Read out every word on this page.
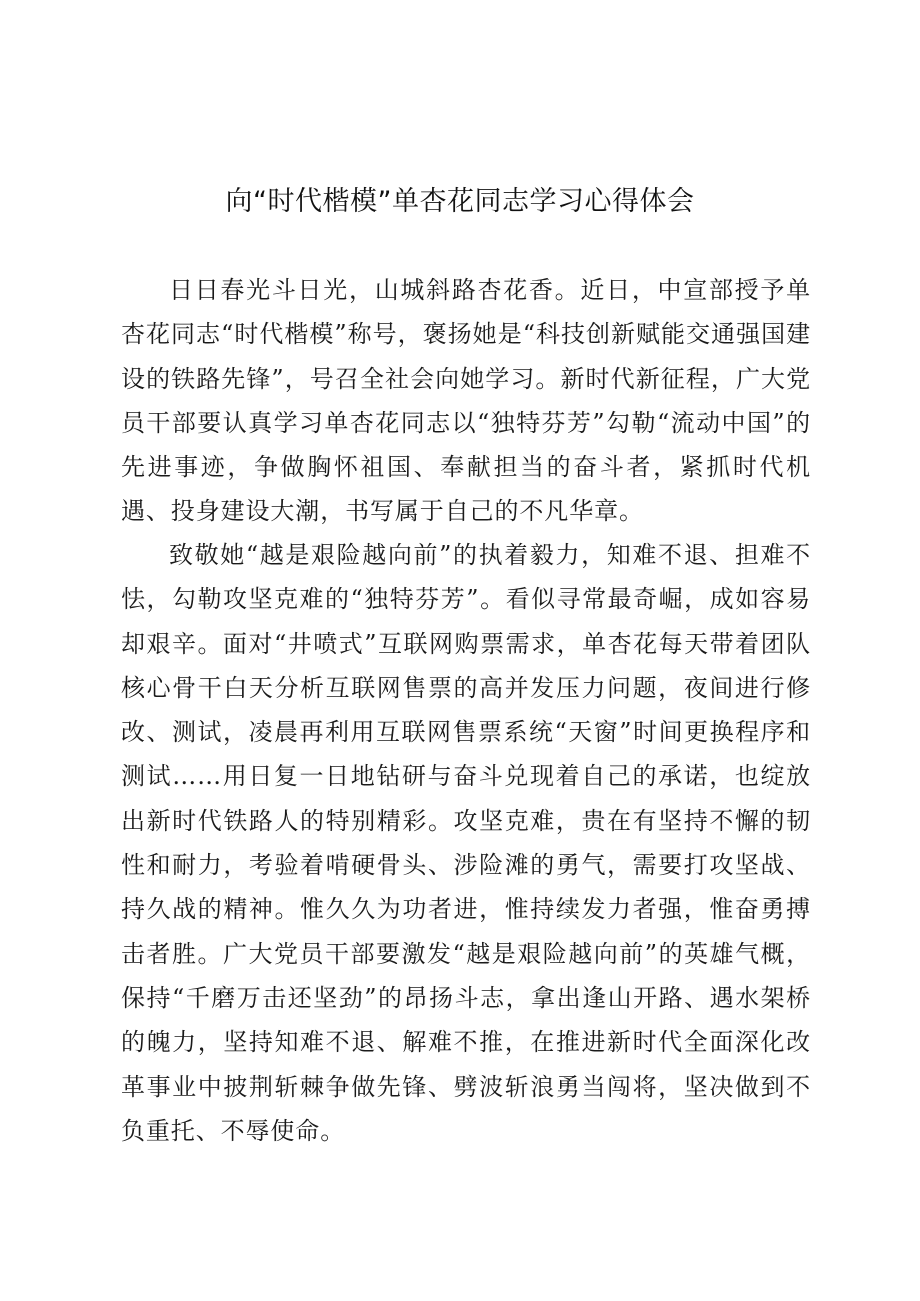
向“时代楷模”单杏花同志学习心得体会

日日春光斗日光，山城斜路杏花香。近日，中宣部授予单杏花同志“时代楷模”称号，褒扬她是“科技创新赋能交通强国建设的铁路先锋”，号召全社会向她学习。新时代新征程，广大党员干部要认真学习单杏花同志以“独特芬芳”勾勒“流动中国”的先进事迹，争做胸怀祖国、奉献担当的奋斗者，紧抓时代机遇、投身建设大潮，书写属于自己的不凡华章。

致敬她“越是艰险越向前”的执着毅力，知难不退、担难不怯，勾勒攻坚克难的“独特芬芳”。看似寻常最奇崛，成如容易却艰辛。面对“井喷式”互联网购票需求，单杏花每天带着团队核心骨干白天分析互联网售票的高并发压力问题，夜间进行修改、测试，凌晨再利用互联网售票系统“天窗”时间更换程序和测试……用日复一日地钻研与奋斗兑现着自己的承诺，也绽放出新时代铁路人的特别精彩。攻坚克难，贵在有坚持不懈的韧性和耐力，考验着啃硬骨头、涉险滩的勇气，需要打攻坚战、持久战的精神。惟久久为功者进，惟持续发力者强，惟奋勇搏击者胜。广大党员干部要激发“越是艰险越向前”的英雄气概，保持“千磨万击还坚劲”的昂扬斗志，拿出逢山开路、遇水架桥的魄力，坚持知难不退、解难不推，在推进新时代全面深化改革事业中披荆斩棘争做先锋、劈波斩浪勇当闯将，坚决做到不负重托、不辱使命。
